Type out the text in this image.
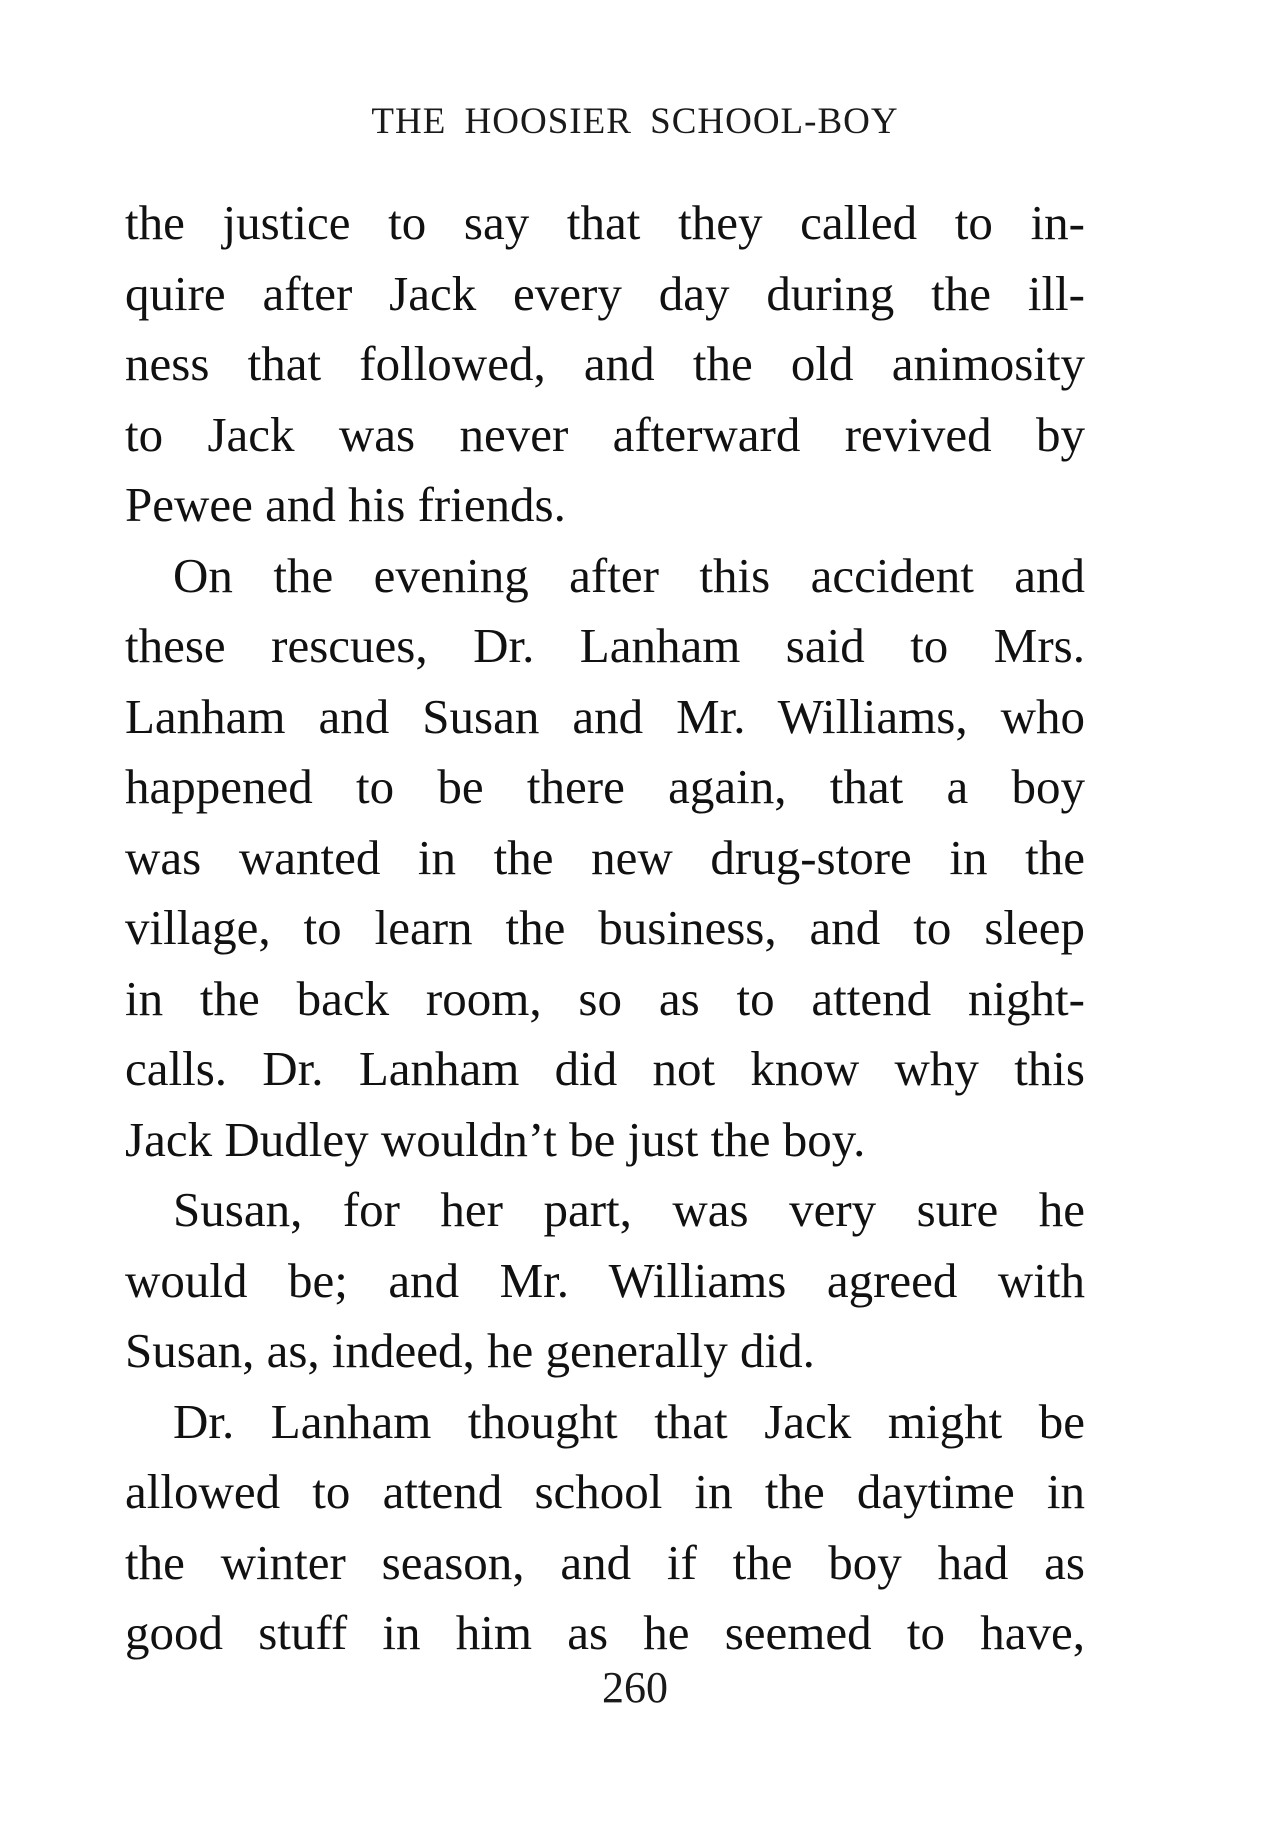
THE HOOSIER SCHOOL-BOY
the justice to say that they called to in-
quire after Jack every day during the ill-
ness that followed, and the old animosity
to Jack was never afterward revived by
Pewee and his friends.
On the evening after this accident and
these rescues, Dr. Lanham said to Mrs.
Lanham and Susan and Mr. Williams, who
happened to be there again, that a boy
was wanted in the new drug-store in the
village, to learn the business, and to sleep
in the back room, so as to attend night-
calls. Dr. Lanham did not know why this
Jack Dudley wouldn’t be just the boy.
Susan, for her part, was very sure he
would be; and Mr. Williams agreed with
Susan, as, indeed, he generally did.
Dr. Lanham thought that Jack might be
allowed to attend school in the daytime in
the winter season, and if the boy had as
good stuff in him as he seemed to have,
260
